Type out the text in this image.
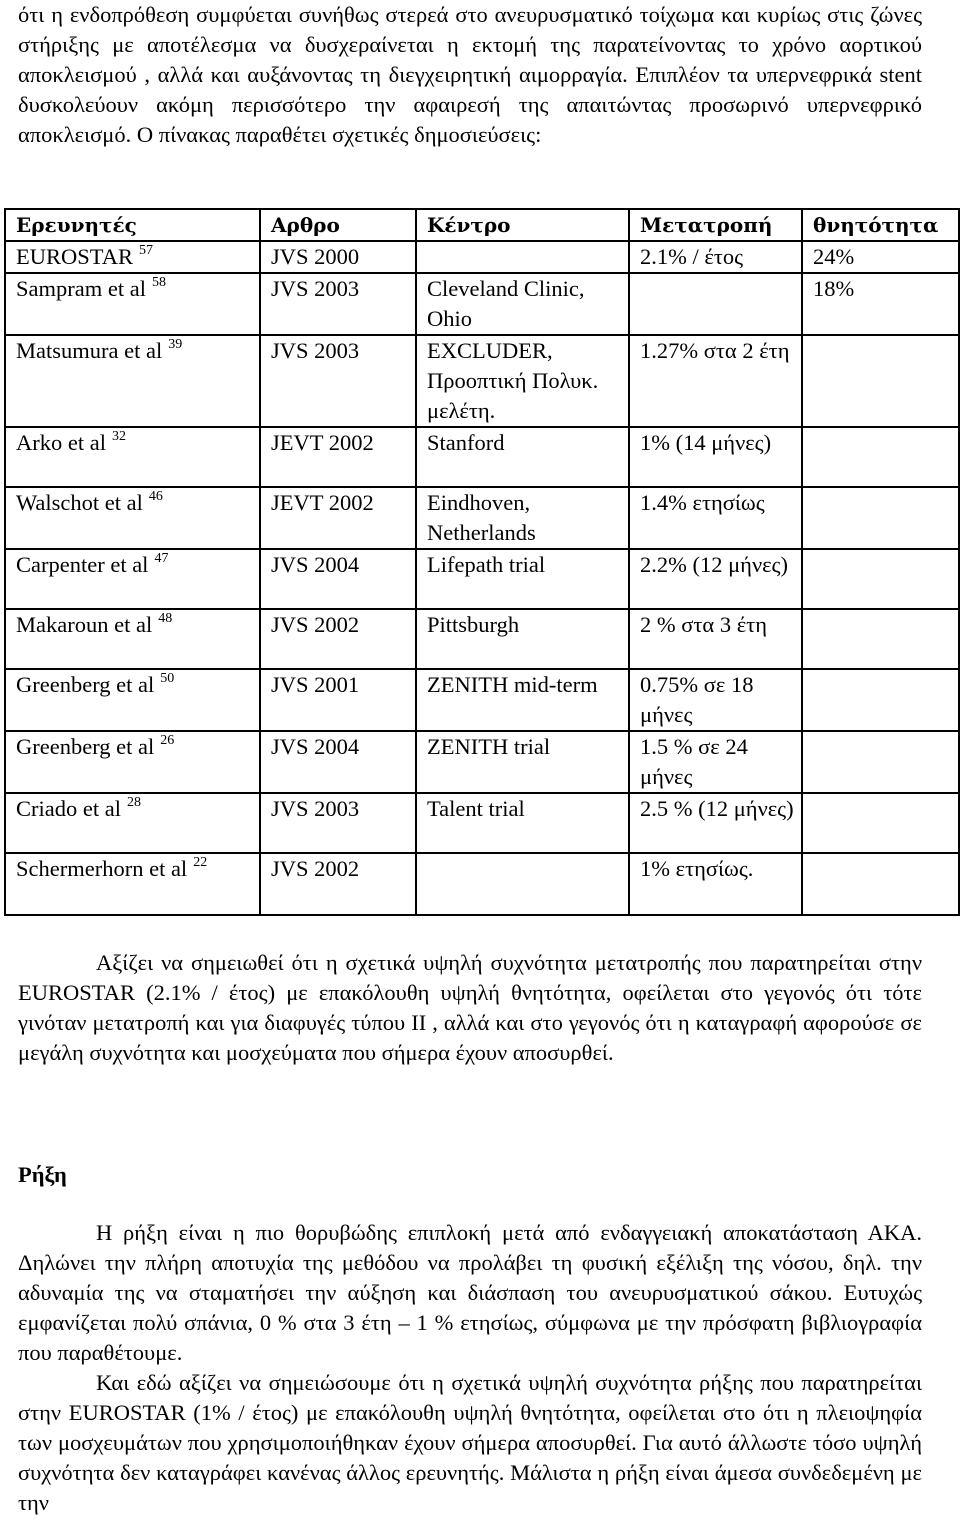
ότι η ενδοπρόθεση συμφύεται συνήθως στερεά στο ανευρυσματικό τοίχωμα και κυρίως στις ζώνες στήριξης με αποτέλεσμα να δυσχεραίνεται η εκτομή της παρατείνοντας το χρόνο αορτικού αποκλεισμού , αλλά και αυξάνοντας τη διεγχειρητική αιμορραγία. Επιπλέον τα υπερνεφρικά stent δυσκολεύουν ακόμη περισσότερο την αφαιρεσή της απαιτώντας προσωρινό υπερνεφρικό αποκλεισμό. Ο πίνακας παραθέτει σχετικές δημοσιεύσεις:

Ερευνητές	Αρθρο	Κέντρο	Μετατροπή	θνητότητα
EUROSTAR $^{57}$	JVS 2000		2.1% / έτος	24%
Sampram et al $^{58}$	JVS 2003	Cleveland Clinic, Ohio		18%
Matsumura et al $^{39}$	JVS 2003	EXCLUDER, Προοπτική Πολυκ. μελέτη.	1.27% στα 2 έτη	
Arko et al $^{32}$	JEVT 2002	Stanford	1% (14 μήνες)	
Walschot et al $^{46}$	JEVT 2002	Eindhoven, Netherlands	1.4% ετησίως	
Carpenter et al $^{47}$	JVS 2004	Lifepath trial	2.2% (12 μήνες)	
Makaroun et al $^{48}$	JVS 2002	Pittsburgh	2 % στα 3 έτη	
Greenberg et al $^{50}$	JVS 2001	ZENITH mid-term	0.75% σε 18 μήνες	
Greenberg et al $^{26}$	JVS 2004	ZENITH trial	1.5 % σε 24 μήνες	
Criado et al $^{28}$	JVS 2003	Talent trial	2.5 % (12 μήνες)	
Schermerhorn et al $^{22}$	JVS 2002		1% ετησίως.	

Αξίζει να σημειωθεί ότι η σχετικά υψηλή συχνότητα μετατροπής που παρατηρείται στην EUROSTAR (2.1% / έτος) με επακόλουθη υψηλή θνητότητα, οφείλεται στο γεγονός ότι τότε γινόταν μετατροπή και για διαφυγές τύπου ΙΙ , αλλά και στο γεγονός ότι η καταγραφή αφορούσε σε μεγάλη συχνότητα και μοσχεύματα που σήμερα έχουν αποσυρθεί.

Ρήξη

Η ρήξη είναι η πιο θορυβώδης επιπλοκή μετά από ενδαγγειακή αποκατάσταση ΑΚΑ. Δηλώνει την πλήρη αποτυχία της μεθόδου να προλάβει τη φυσική εξέλιξη της νόσου, δηλ. την αδυναμία της να σταματήσει την αύξηση και διάσπαση του ανευρυσματικού σάκου. Ευτυχώς εμφανίζεται πολύ σπάνια, 0 % στα 3 έτη – 1 % ετησίως, σύμφωνα με την πρόσφατη βιβλιογραφία που παραθέτουμε.

Και εδώ αξίζει να σημειώσουμε ότι η σχετικά υψηλή συχνότητα ρήξης που παρατηρείται στην EUROSTAR (1% / έτος) με επακόλουθη υψηλή θνητότητα, οφείλεται στο ότι η πλειοψηφία των μοσχευμάτων που χρησιμοποιήθηκαν έχουν σήμερα αποσυρθεί. Για αυτό άλλωστε τόσο υψηλή συχνότητα δεν καταγράφει κανένας άλλος ερευνητής. Μάλιστα η ρήξη είναι άμεσα συνδεδεμένη με την
